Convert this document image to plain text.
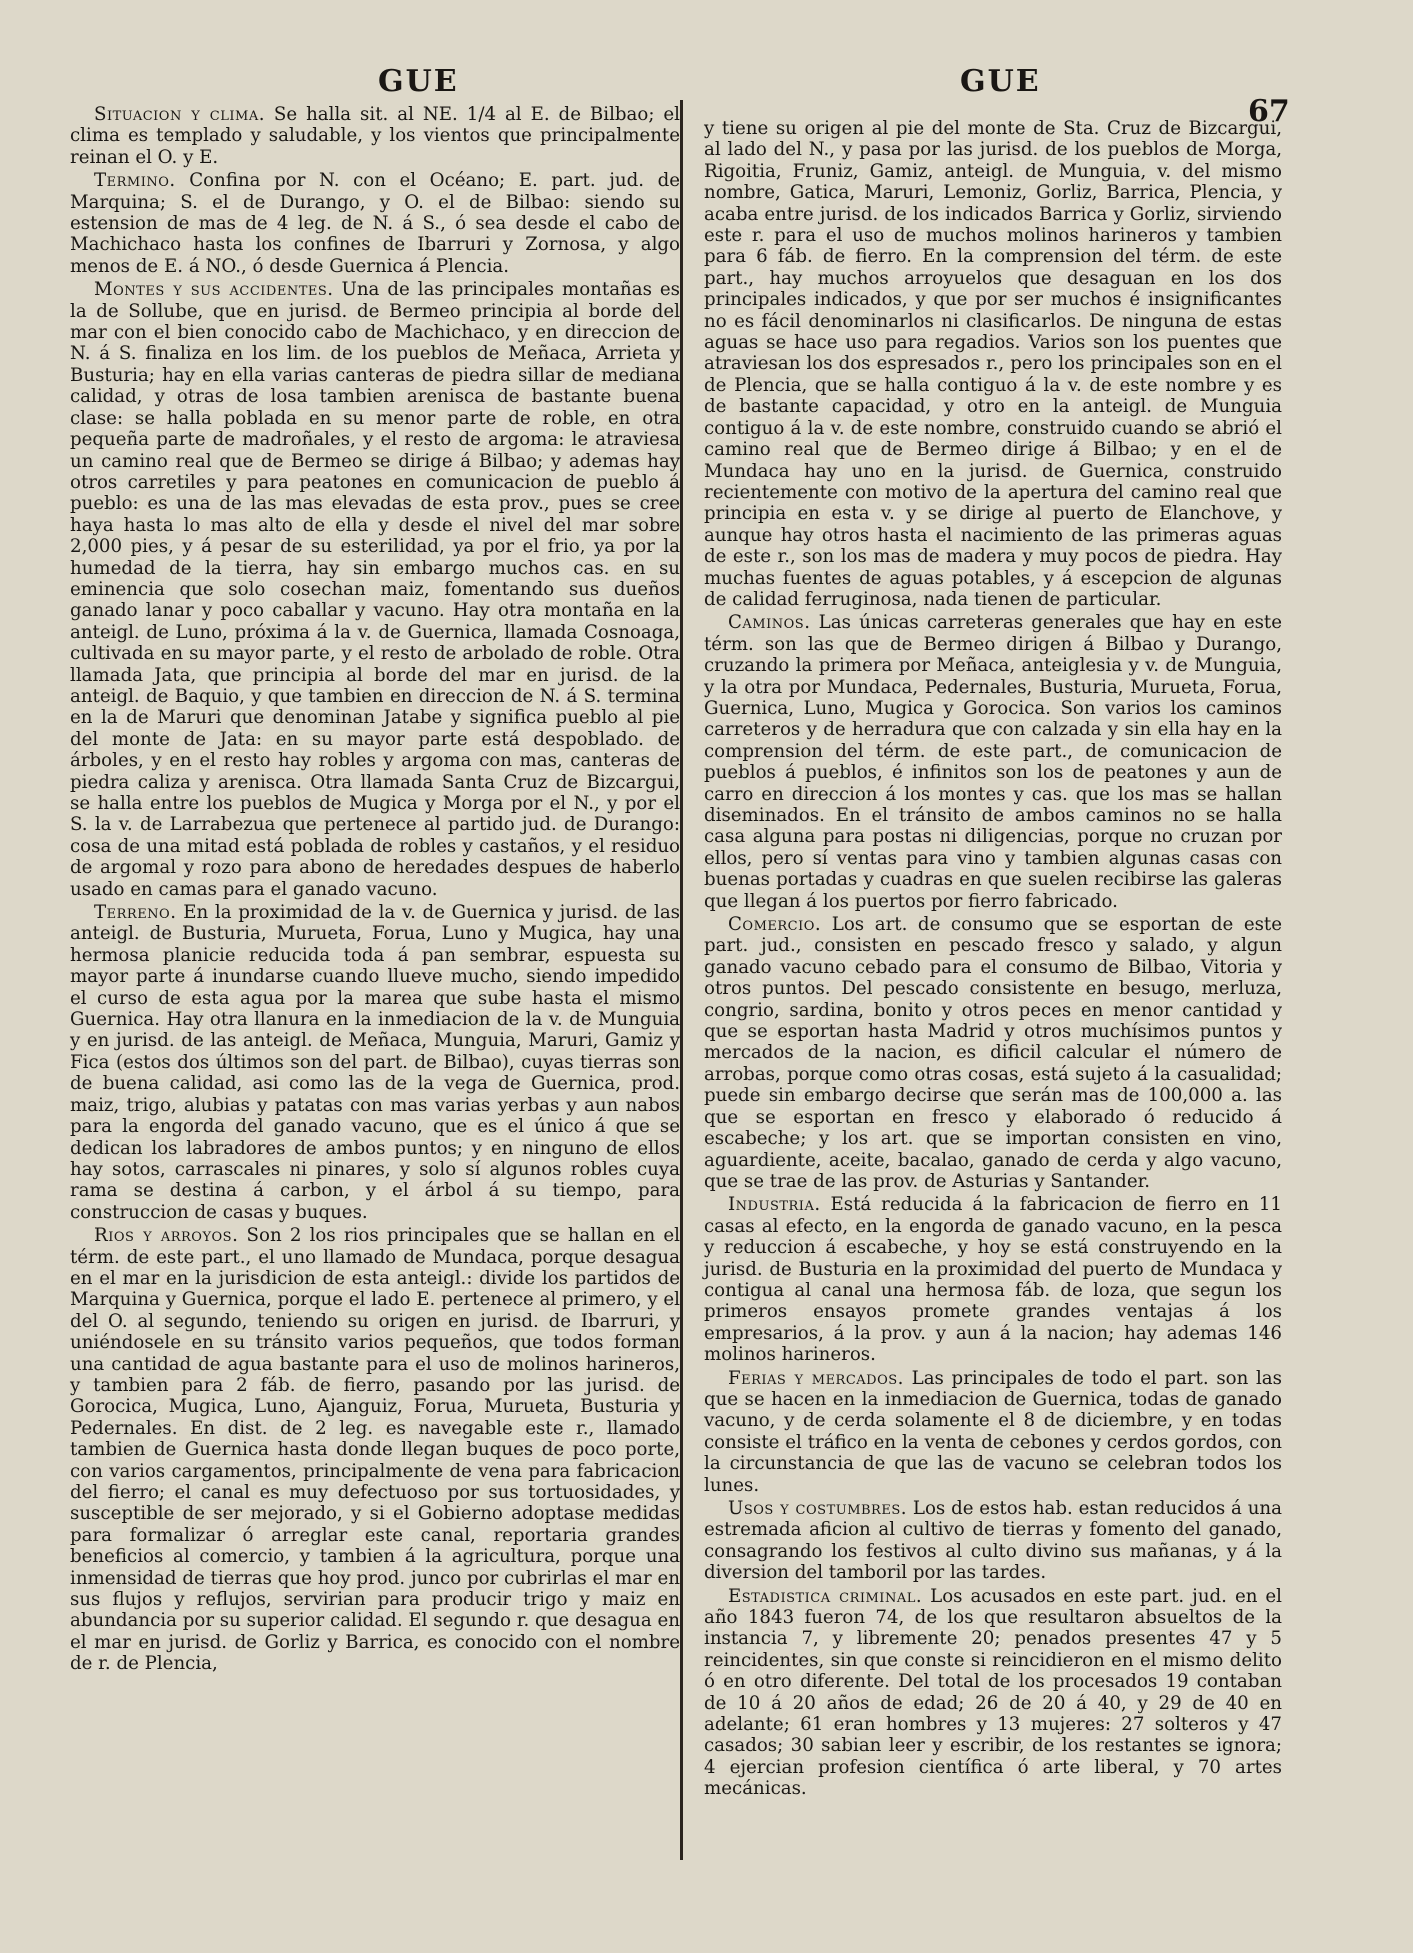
GUE	GUE
67

Situacion y clima. Se halla sit. al NE. 1/4 al E. de Bilbao; el clima es templado y saludable, y los vientos que principalmente reinan el O. y E.

Termino. Confina por N. con el Océano; E. part. jud. de Marquina; S. el de Durango, y O. el de Bilbao: siendo su estension de mas de 4 leg. de N. á S., ó sea desde el cabo de Machichaco hasta los confines de Ibarruri y Zornosa, y algo menos de E. á NO., ó desde Guernica á Plencia.

Montes y sus accidentes. Una de las principales montañas es la de Sollube, que en jurisd. de Bermeo principia al borde del mar con el bien conocido cabo de Machichaco, y en direccion de N. á S. finaliza en los lim. de los pueblos de Meñaca, Arrieta y Busturia; hay en ella varias canteras de piedra sillar de mediana calidad, y otras de losa tambien arenisca de bastante buena clase: se halla poblada en su menor parte de roble, en otra pequeña parte de madroñales, y el resto de argoma: le atraviesa un camino real que de Bermeo se dirige á Bilbao; y ademas hay otros carretiles y para peatones en comunicacion de pueblo á pueblo: es una de las mas elevadas de esta prov., pues se cree haya hasta lo mas alto de ella y desde el nivel del mar sobre 2,000 pies, y á pesar de su esterilidad, ya por el frio, ya por la humedad de la tierra, hay sin embargo muchos cas. en su eminencia que solo cosechan maiz, fomentando sus dueños ganado lanar y poco caballar y vacuno. Hay otra montaña en la anteigl. de Luno, próxima á la v. de Guernica, llamada Cosnoaga, cultivada en su mayor parte, y el resto de arbolado de roble. Otra llamada Jata, que principia al borde del mar en jurisd. de la anteigl. de Baquio, y que tambien en direccion de N. á S. termina en la de Maruri que denominan Jatabe y significa pueblo al pie del monte de Jata: en su mayor parte está despoblado. de árboles, y en el resto hay robles y argoma con mas, canteras de piedra caliza y arenisca. Otra llamada Santa Cruz de Bizcargui, se halla entre los pueblos de Mugica y Morga por el N., y por el S. la v. de Larrabezua que pertenece al partido jud. de Durango: cosa de una mitad está poblada de robles y castaños, y el residuo de argomal y rozo para abono de heredades despues de haberlo usado en camas para el ganado vacuno.

Terreno. En la proximidad de la v. de Guernica y jurisd. de las anteigl. de Busturia, Murueta, Forua, Luno y Mugica, hay una hermosa planicie reducida toda á pan sembrar, espuesta su mayor parte á inundarse cuando llueve mucho, siendo impedido el curso de esta agua por la marea que sube hasta el mismo Guernica. Hay otra llanura en la inmediacion de la v. de Munguia y en jurisd. de las anteigl. de Meñaca, Munguia, Maruri, Gamiz y Fica (estos dos últimos son del part. de Bilbao), cuyas tierras son de buena calidad, asi como las de la vega de Guernica, prod. maiz, trigo, alubias y patatas con mas varias yerbas y aun nabos para la engorda del ganado vacuno, que es el único á que se dedican los labradores de ambos puntos; y en ninguno de ellos hay sotos, carrascales ni pinares, y solo sí algunos robles cuya rama se destina á carbon, y el árbol á su tiempo, para construccion de casas y buques.

Rios y arroyos. Son 2 los rios principales que se hallan en el térm. de este part., el uno llamado de Mundaca, porque desagua en el mar en la jurisdicion de esta anteigl.: divide los partidos de Marquina y Guernica, porque el lado E. pertenece al primero, y el del O. al segundo, teniendo su origen en jurisd. de Ibarruri, y uniéndosele en su tránsito varios pequeños, que todos forman una cantidad de agua bastante para el uso de molinos harineros, y tambien para 2 fáb. de fierro, pasando por las jurisd. de Gorocica, Mugica, Luno, Ajanguiz, Forua, Murueta, Busturia y Pedernales. En dist. de 2 leg. es navegable este r., llamado tambien de Guernica hasta donde llegan buques de poco porte, con varios cargamentos, principalmente de vena para fabricacion del fierro; el canal es muy defectuoso por sus tortuosidades, y susceptible de ser mejorado, y si el Gobierno adoptase medidas para formalizar ó arreglar este canal, reportaria grandes beneficios al comercio, y tambien á la agricultura, porque una inmensidad de tierras que hoy prod. junco por cubrirlas el mar en sus flujos y reflujos, servirian para producir trigo y maiz en abundancia por su superior calidad. El segundo r. que desagua en el mar en jurisd. de Gorliz y Barrica, es conocido con el nombre de r. de Plencia,

y tiene su origen al pie del monte de Sta. Cruz de Bizcargui, al lado del N., y pasa por las jurisd. de los pueblos de Morga, Rigoitia, Fruniz, Gamiz, anteigl. de Munguia, v. del mismo nombre, Gatica, Maruri, Lemoniz, Gorliz, Barrica, Plencia, y acaba entre jurisd. de los indicados Barrica y Gorliz, sirviendo este r. para el uso de muchos molinos harineros y tambien para 6 fáb. de fierro. En la comprension del térm. de este part., hay muchos arroyuelos que desaguan en los dos principales indicados, y que por ser muchos é insignificantes no es fácil denominarlos ni clasificarlos. De ninguna de estas aguas se hace uso para regadios. Varios son los puentes que atraviesan los dos espresados r., pero los principales son en el de Plencia, que se halla contiguo á la v. de este nombre y es de bastante capacidad, y otro en la anteigl. de Munguia contiguo á la v. de este nombre, construido cuando se abrió el camino real que de Bermeo dirige á Bilbao; y en el de Mundaca hay uno en la jurisd. de Guernica, construido recientemente con motivo de la apertura del camino real que principia en esta v. y se dirige al puerto de Elanchove, y aunque hay otros hasta el nacimiento de las primeras aguas de este r., son los mas de madera y muy pocos de piedra. Hay muchas fuentes de aguas potables, y á escepcion de algunas de calidad ferruginosa, nada tienen de particular.

Caminos. Las únicas carreteras generales que hay en este térm. son las que de Bermeo dirigen á Bilbao y Durango, cruzando la primera por Meñaca, anteiglesia y v. de Munguia, y la otra por Mundaca, Pedernales, Busturia, Murueta, Forua, Guernica, Luno, Mugica y Gorocica. Son varios los caminos carreteros y de herradura que con calzada y sin ella hay en la comprension del térm. de este part., de comunicacion de pueblos á pueblos, é infinitos son los de peatones y aun de carro en direccion á los montes y cas. que los mas se hallan diseminados. En el tránsito de ambos caminos no se halla casa alguna para postas ni diligencias, porque no cruzan por ellos, pero sí ventas para vino y tambien algunas casas con buenas portadas y cuadras en que suelen recibirse las galeras que llegan á los puertos por fierro fabricado.

Comercio. Los art. de consumo que se esportan de este part. jud., consisten en pescado fresco y salado, y algun ganado vacuno cebado para el consumo de Bilbao, Vitoria y otros puntos. Del pescado consistente en besugo, merluza, congrio, sardina, bonito y otros peces en menor cantidad y que se esportan hasta Madrid y otros muchísimos puntos y mercados de la nacion, es dificil calcular el número de arrobas, porque como otras cosas, está sujeto á la casualidad; puede sin embargo decirse que serán mas de 100,000 a. las que se esportan en fresco y elaborado ó reducido á escabeche; y los art. que se importan consisten en vino, aguardiente, aceite, bacalao, ganado de cerda y algo vacuno, que se trae de las prov. de Asturias y Santander.

Industria. Está reducida á la fabricacion de fierro en 11 casas al efecto, en la engorda de ganado vacuno, en la pesca y reduccion á escabeche, y hoy se está construyendo en la jurisd. de Busturia en la proximidad del puerto de Mundaca y contigua al canal una hermosa fáb. de loza, que segun los primeros ensayos promete grandes ventajas á los empresarios, á la prov. y aun á la nacion; hay ademas 146 molinos harineros.

Ferias y mercados. Las principales de todo el part. son las que se hacen en la inmediacion de Guernica, todas de ganado vacuno, y de cerda solamente el 8 de diciembre, y en todas consiste el tráfico en la venta de cebones y cerdos gordos, con la circunstancia de que las de vacuno se celebran todos los lunes.

Usos y costumbres. Los de estos hab. estan reducidos á una estremada aficion al cultivo de tierras y fomento del ganado, consagrando los festivos al culto divino sus mañanas, y á la diversion del tamboril por las tardes.

Estadistica criminal. Los acusados en este part. jud. en el año 1843 fueron 74, de los que resultaron absueltos de la instancia 7, y libremente 20; penados presentes 47 y 5 reincidentes, sin que conste si reincidieron en el mismo delito ó en otro diferente. Del total de los procesados 19 contaban de 10 á 20 años de edad; 26 de 20 á 40, y 29 de 40 en adelante; 61 eran hombres y 13 mujeres: 27 solteros y 47 casados; 30 sabian leer y escribir, de los restantes se ignora; 4 ejercian profesion científica ó arte liberal, y 70 artes mecánicas.
